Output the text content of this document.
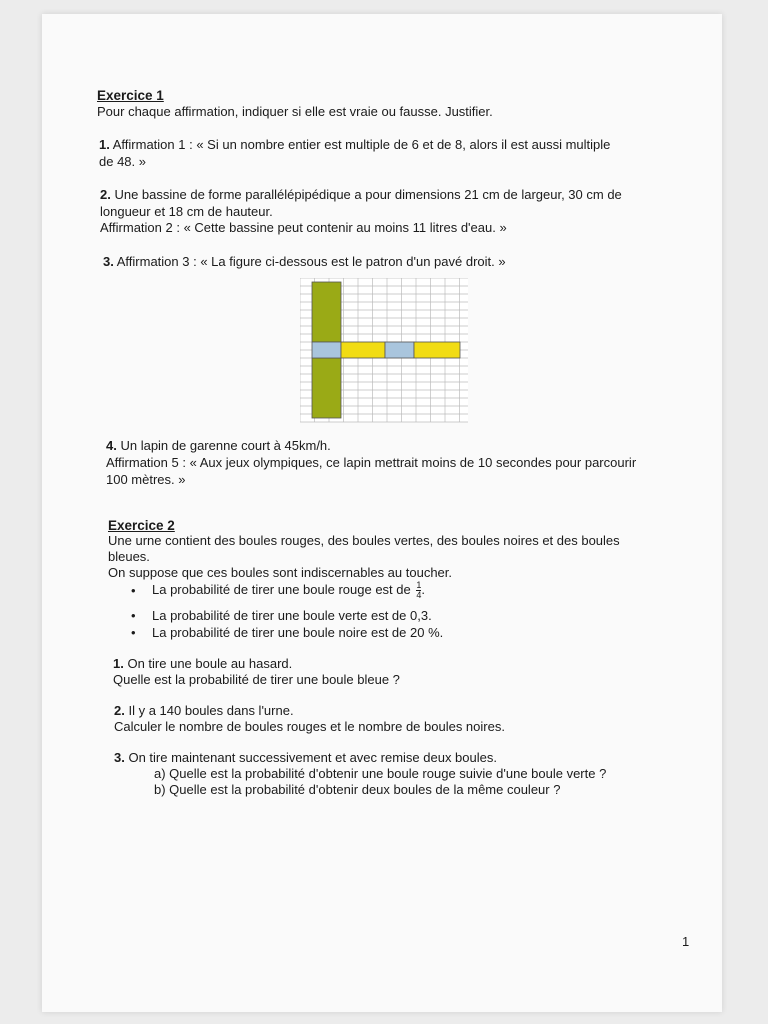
Exercice 1
Pour chaque affirmation, indiquer si elle est vraie ou fausse. Justifier.
1. Affirmation 1 : « Si un nombre entier est multiple de 6 et de 8, alors il est aussi multiple
de 48. »
2. Une bassine de forme parallélépipédique a pour dimensions 21 cm de largeur, 30 cm de
longueur et 18 cm de hauteur.
Affirmation 2 : « Cette bassine peut contenir au moins 11 litres d'eau. »
3. Affirmation 3 : « La figure ci-dessous est le patron d'un pavé droit. »
4. Un lapin de garenne court à 45km/h.
Affirmation 5 : « Aux jeux olympiques, ce lapin mettrait moins de 10 secondes pour parcourir
100 mètres. »
Exercice 2
Une urne contient des boules rouges, des boules vertes, des boules noires et des boules
bleues.
On suppose que ces boules sont indiscernables au toucher.
• La probabilité de tirer une boule rouge est de $\frac{1}{4}$ .
• La probabilité de tirer une boule verte est de 0,3.
• La probabilité de tirer une boule noire est de 20 %.
1. On tire une boule au hasard.
Quelle est la probabilité de tirer une boule bleue ?
2. Il y a 140 boules dans l'urne.
Calculer le nombre de boules rouges et le nombre de boules noires.
3. On tire maintenant successivement et avec remise deux boules.
a) Quelle est la probabilité d'obtenir une boule rouge suivie d'une boule verte ?
b) Quelle est la probabilité d'obtenir deux boules de la même couleur ?
1
